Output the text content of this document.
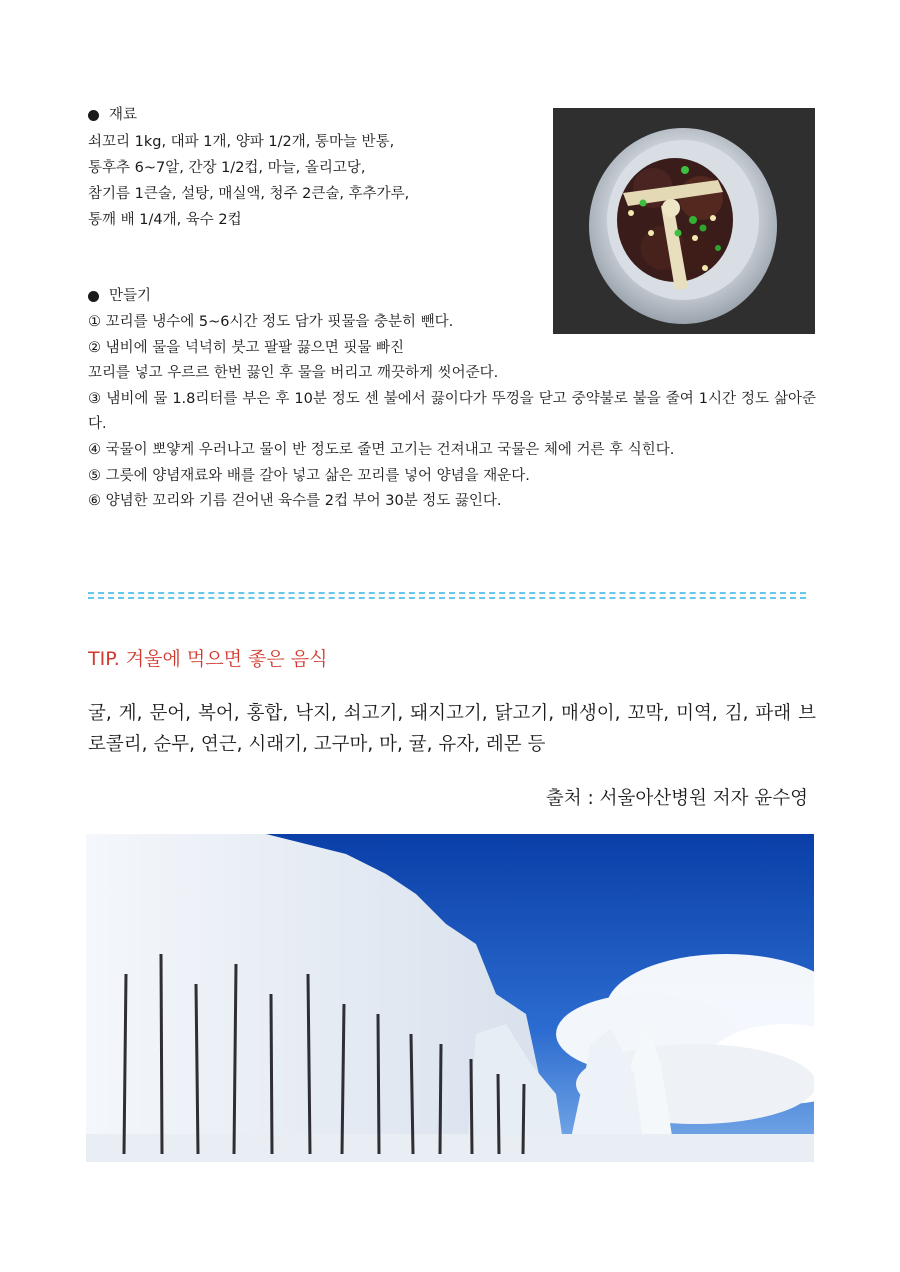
재료
쇠꼬리 1kg, 대파 1개, 양파 1/2개, 통마늘 반통,
통후추 6~7알, 간장 1/2컵, 마늘, 올리고당,
참기름 1큰술, 설탕, 매실액, 청주 2큰술, 후추가루,
통깨 배 1/4개, 육수 2컵
만들기
① 꼬리를 냉수에 5~6시간 정도 담가 핏물을 충분히 뺀다.
② 냄비에 물을 넉넉히 붓고 팔팔 끓으면 핏물 빠진
꼬리를 넣고 우르르 한번 끓인 후 물을 버리고 깨끗하게 씻어준다.
③ 냄비에 물 1.8리터를 부은 후 10분 정도 센 불에서 끓이다가 뚜껑을 닫고 중약불로 불을 줄여 1시간 정도 삶아준다.
④ 국물이 뽀얗게 우러나고 물이 반 정도로 줄면 고기는 건져내고 국물은 체에 거른 후 식힌다.
⑤ 그릇에 양념재료와 배를 갈아 넣고 삶은 꼬리를 넣어 양념을 재운다.
⑥ 양념한 꼬리와 기름 걷어낸 육수를 2컵 부어 30분 정도 끓인다.
TIP. 겨울에 먹으면 좋은 음식
굴, 게, 문어, 복어, 홍합, 낙지, 쇠고기, 돼지고기, 닭고기, 매생이, 꼬막, 미역, 김, 파래 브로콜리, 순무, 연근, 시래기, 고구마, 마, 귤, 유자, 레몬 등
출처 : 서울아산병원 저자 윤수영
